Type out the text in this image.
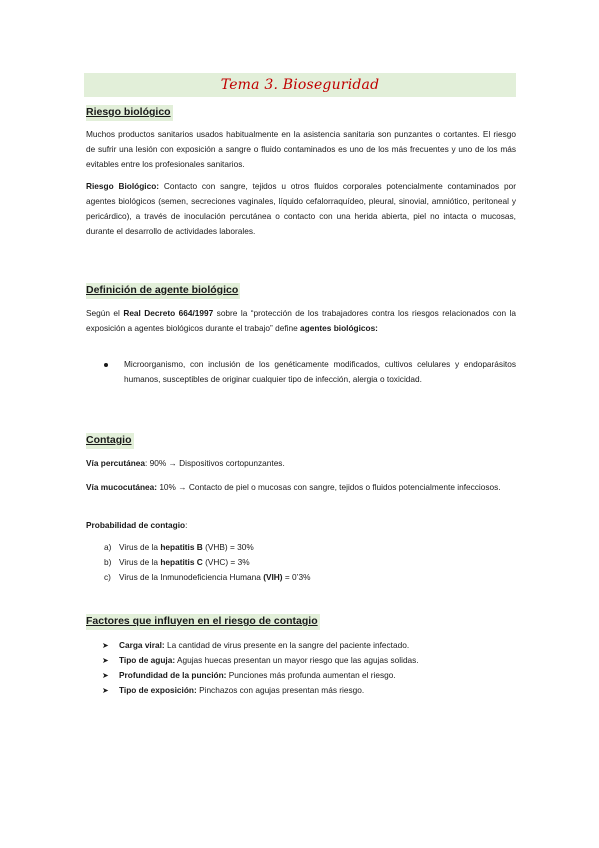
Tema 3. Bioseguridad
Riesgo biológico

Muchos productos sanitarios usados habitualmente en la asistencia sanitaria son punzantes o cortantes. El riesgo de sufrir una lesión con exposición a sangre o fluido contaminados es uno de los más frecuentes y uno de los más evitables entre los profesionales sanitarios.

Riesgo Biológico: Contacto con sangre, tejidos u otros fluidos corporales potencialmente contaminados por agentes biológicos (semen, secreciones vaginales, líquido cefalorraquídeo, pleural, sinovial, amniótico, peritoneal y pericárdico), a través de inoculación percutánea o contacto con una herida abierta, piel no intacta o mucosas, durante el desarrollo de actividades laborales.

Definición de agente biológico

Según el Real Decreto 664/1997 sobre la “protección de los trabajadores contra los riesgos relacionados con la exposición a agentes biológicos durante el trabajo” define agentes biológicos:

Microorganismo, con inclusión de los genéticamente modificados, cultivos celulares y endoparásitos humanos, susceptibles de originar cualquier tipo de infección, alergia o toxicidad.
Contagio

Vía percutánea: 90% → Dispositivos cortopunzantes.

Vía mucocutánea: 10% → Contacto de piel o mucosas con sangre, tejidos o fluidos potencialmente infecciosos.

Probabilidad de contagio:

a) Virus de la hepatitis B (VHB) = 30%
b) Virus de la hepatitis C (VHC) = 3%
c) Virus de la Inmunodeficiencia Humana (VIH) = 0’3%
Factores que influyen en el riesgo de contagio
➤ Carga viral: La cantidad de virus presente en la sangre del paciente infectado.
➤ Tipo de aguja: Agujas huecas presentan un mayor riesgo que las agujas solidas.
➤ Profundidad de la punción: Punciones más profunda aumentan el riesgo.
➤ Tipo de exposición: Pinchazos con agujas presentan más riesgo.
